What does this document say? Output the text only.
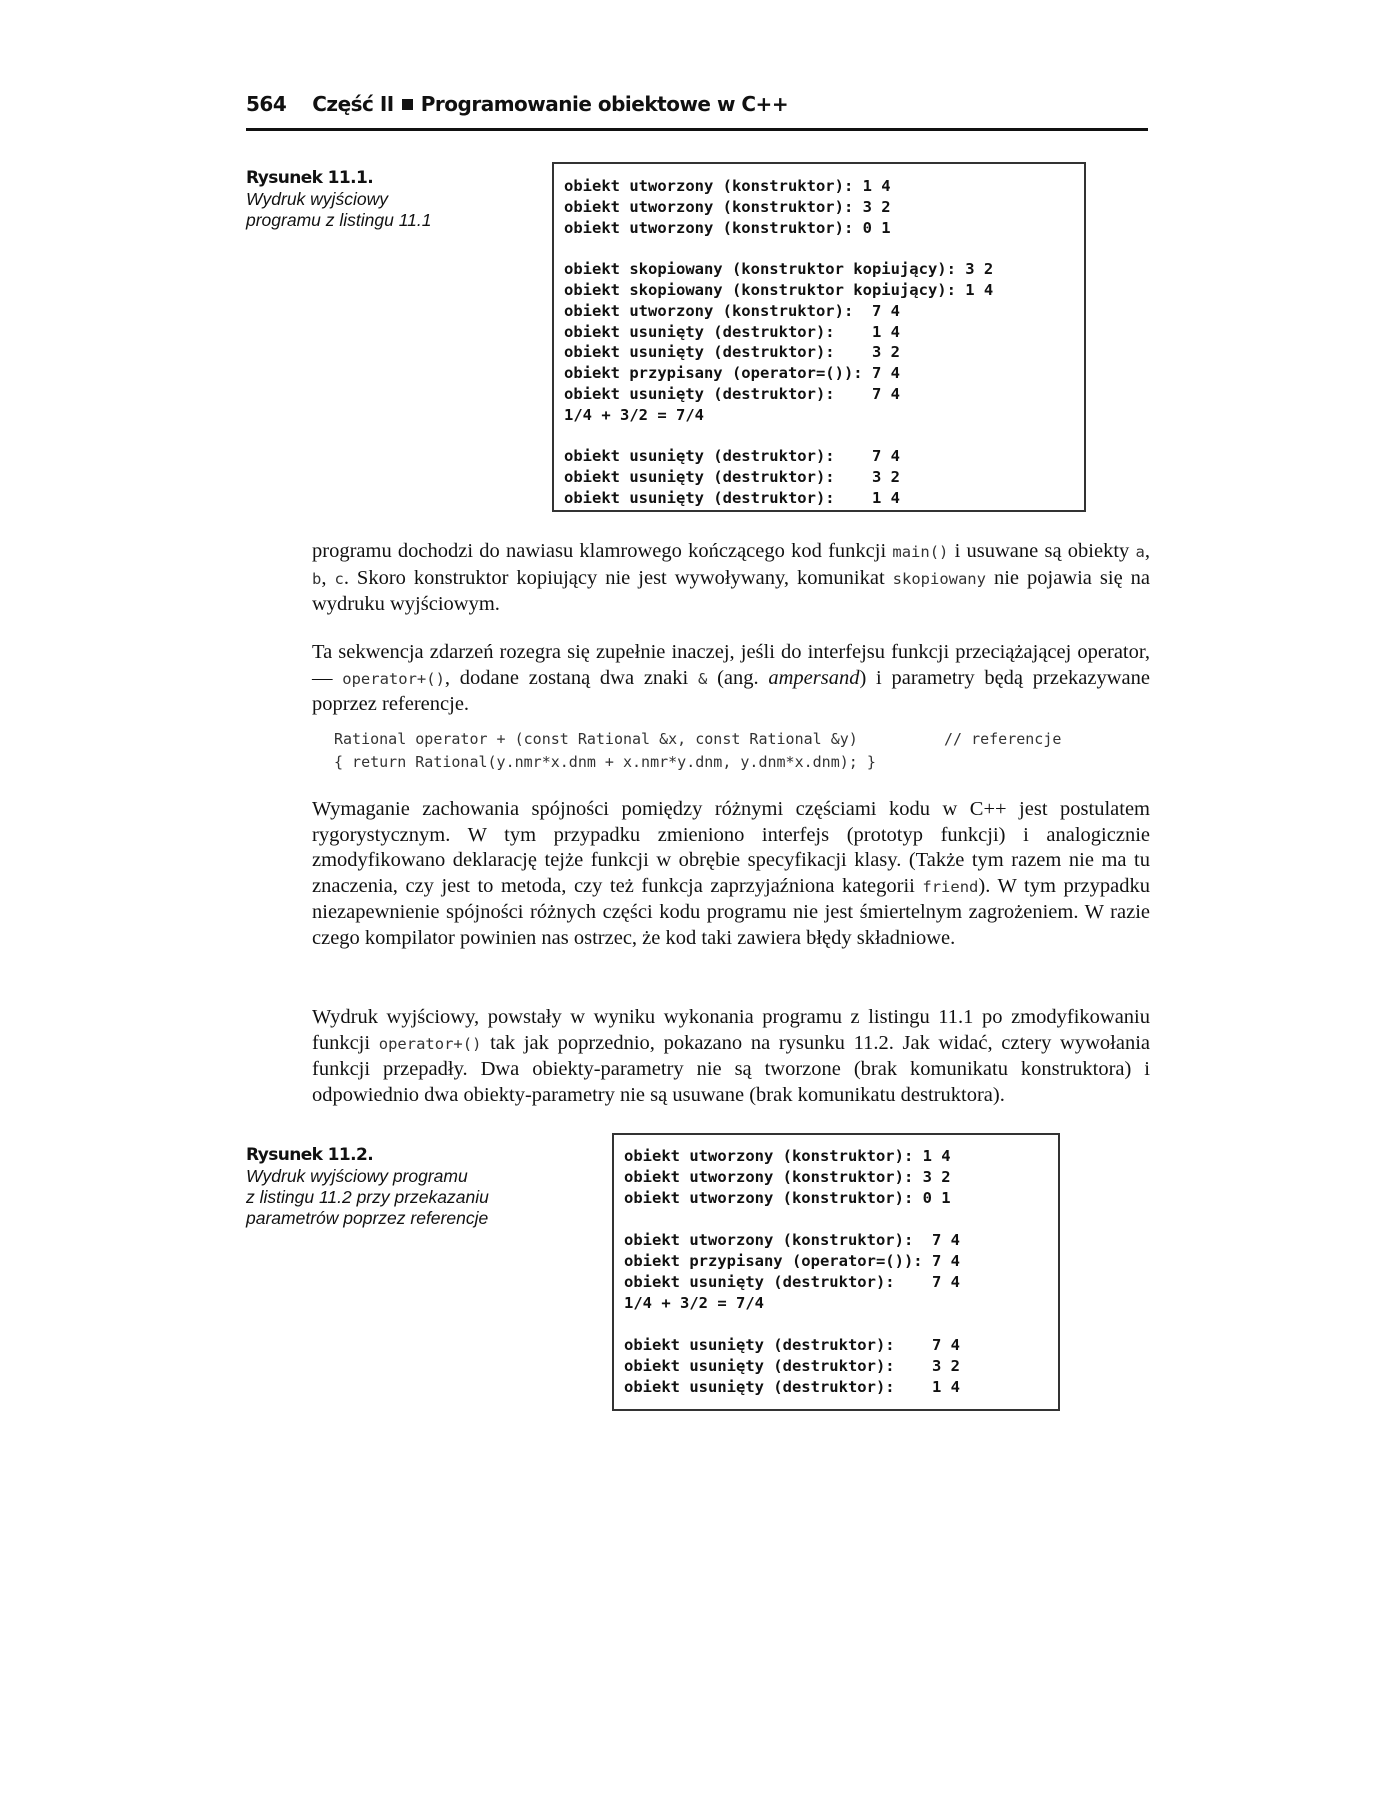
564 Część II Programowanie obiektowe w C++
Rysunek 11.1.
Wydruk wyjściowy
programu z listingu 11.1
obiekt utworzony (konstruktor): 1 4
obiekt utworzony (konstruktor): 3 2
obiekt utworzony (konstruktor): 0 1
obiekt skopiowany (konstruktor kopiujący): 3 2
obiekt skopiowany (konstruktor kopiujący): 1 4
obiekt utworzony (konstruktor):  7 4
obiekt usunięty (destruktor):    1 4
obiekt usunięty (destruktor):    3 2
obiekt przypisany (operator=()): 7 4
obiekt usunięty (destruktor):    7 4
1/4 + 3/2 = 7/4
obiekt usunięty (destruktor):    7 4
obiekt usunięty (destruktor):    3 2
obiekt usunięty (destruktor):    1 4

programu dochodzi do nawiasu klamrowego kończącego kod funkcji main() i usuwane są obiekty a, b, c. Skoro konstruktor kopiujący nie jest wywoływany, komunikat skopiowany nie pojawia się na wydruku wyjściowym.

Ta sekwencja zdarzeń rozegra się zupełnie inaczej, jeśli do interfejsu funkcji przeciążającej operator, — operator+(), dodane zostaną dwa znaki & (ang. ampersand) i parametry będą przekazywane poprzez referencje.

Rational operator + (const Rational &x, const Rational &y)	// referencje
{ return Rational(y.nmr*x.dnm + x.nmr*y.dnm, y.dnm*x.dnm); }

Wymaganie zachowania spójności pomiędzy różnymi częściami kodu w C++ jest postulatem rygorystycznym. W tym przypadku zmieniono interfejs (prototyp funkcji) i analogicznie zmodyfikowano deklarację tejże funkcji w obrębie specyfikacji klasy. (Także tym razem nie ma tu znaczenia, czy jest to metoda, czy też funkcja zaprzyjaźniona kategorii friend). W tym przypadku niezapewnienie spójności różnych części kodu programu nie jest śmiertelnym zagrożeniem. W razie czego kompilator powinien nas ostrzec, że kod taki zawiera błędy składniowe.

Wydruk wyjściowy, powstały w wyniku wykonania programu z listingu 11.1 po zmodyfikowaniu funkcji operator+() tak jak poprzednio, pokazano na rysunku 11.2. Jak widać, cztery wywołania funkcji przepadły. Dwa obiekty-parametry nie są tworzone (brak komunikatu konstruktora) i odpowiednio dwa obiekty-parametry nie są usuwane (brak komunikatu destruktora).

Rysunek 11.2.
Wydruk wyjściowy programu
z listingu 11.2 przy przekazaniu
parametrów poprzez referencje
obiekt utworzony (konstruktor): 1 4
obiekt utworzony (konstruktor): 3 2
obiekt utworzony (konstruktor): 0 1
obiekt utworzony (konstruktor):  7 4
obiekt przypisany (operator=()): 7 4
obiekt usunięty (destruktor):    7 4
1/4 + 3/2 = 7/4
obiekt usunięty (destruktor):    7 4
obiekt usunięty (destruktor):    3 2
obiekt usunięty (destruktor):    1 4
